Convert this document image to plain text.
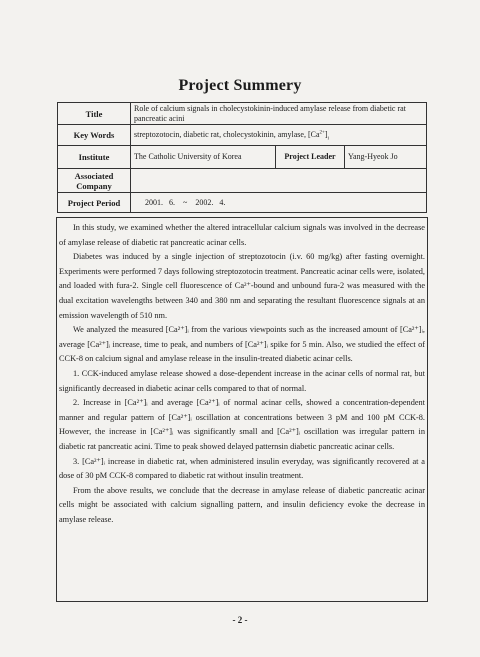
Project Summery
Title	Role of calcium signals in cholecystokinin-induced amylase release from diabetic rat pancreatic acini		
Key Words	streptozotocin, diabetic rat, cholecystokinin, amylase, $[Ca^{2+}]_i$
Institute	The Catholic University of Korea	Project Leader	Yang-Hyeok Jo
Associated Company			
Project Period	2001.   6.    ~    2002.   4.		

In this study, we examined whether the altered intracellular calcium signals was involved in the decrease of amylase release of diabetic rat pancreatic acinar cells.

Diabetes was induced by a single injection of streptozotocin (i.v. 60 mg/kg) after fasting overnight. Experiments were performed 7 days following streptozotocin treatment. Pancreatic acinar cells were, isolated, and loaded with fura-2. Single cell fluorescence of Ca²⁺-bound and unbound fura-2 was measured with the dual excitation wavelengths between 340 and 380 nm and separating the resultant fluorescence signals at an emission wavelength of 510 nm.

We analyzed the measured [Ca²⁺]ᵢ from the various viewpoints such as the increased amount of [Ca²⁺]ᵢ, average [Ca²⁺]ᵢ increase, time to peak, and numbers of [Ca²⁺]ᵢ spike for 5 min. Also, we studied the effect of CCK-8 on calcium signal and amylase release in the insulin-treated diabetic acinar cells.

1. CCK-induced amylase release showed a dose-dependent increase in the acinar cells of normal rat, but significantly decreased in diabetic acinar cells compared to that of normal.

2. Increase in [Ca²⁺]ᵢ and average [Ca²⁺]ᵢ of normal acinar cells, showed a concentration-dependent manner and regular pattern of [Ca²⁺]ᵢ oscillation at concentrations between 3 pM and 100 pM CCK-8. However, the increase in [Ca²⁺]ᵢ was significantly small and [Ca²⁺]ᵢ oscillation was irregular pattern in diabetic rat pancreatic acini. Time to peak showed delayed patternsin diabetic pancreatic acinar cells.

3. [Ca²⁺]ᵢ increase in diabetic rat, when administered insulin everyday, was significantly recovered at a dose of 30 pM CCK-8 compared to diabetic rat without insulin treatment.

From the above results, we conclude that the decrease in amylase release of diabetic pancreatic acinar cells might be associated with calcium signalling pattern, and insulin deficiency evoke the decrease in amylase release.

- 2 -
